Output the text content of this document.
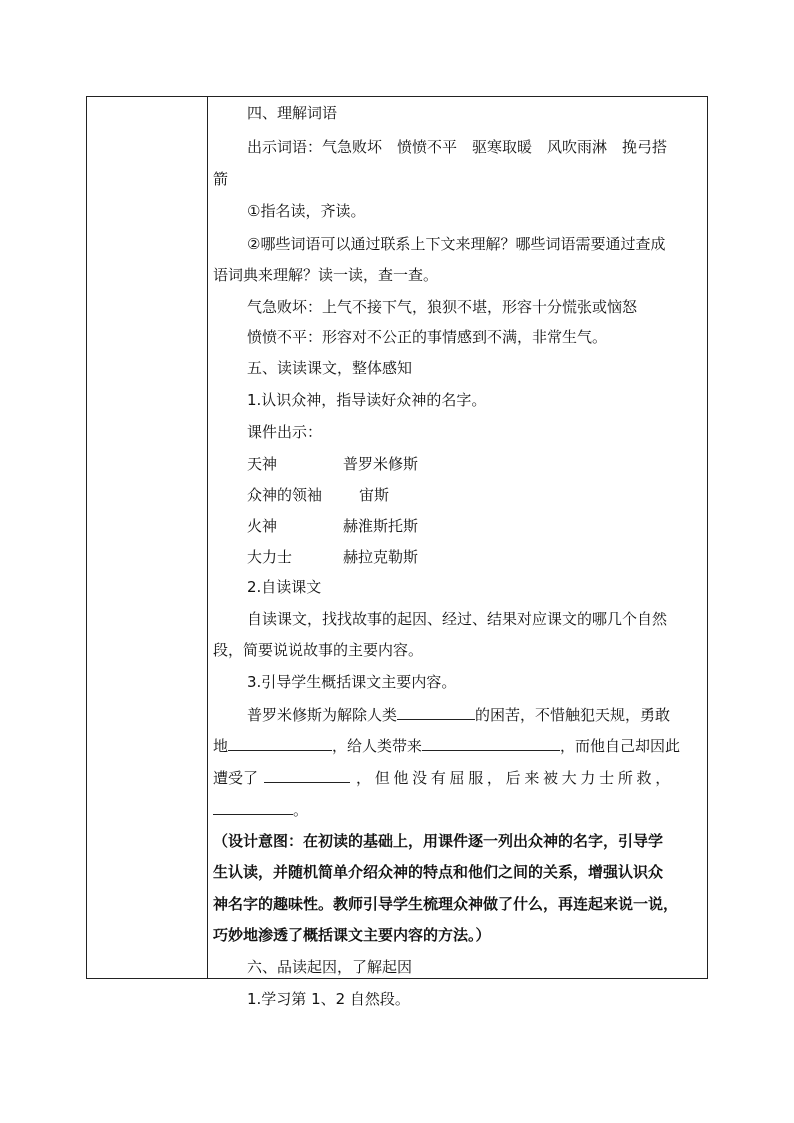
四、理解词语
出示词语：气急败坏　愤愤不平　驱寒取暖　风吹雨淋　挽弓搭
箭
①指名读，齐读。
②哪些词语可以通过联系上下文来理解？哪些词语需要通过查成
语词典来理解？读一读，查一查。
气急败坏：上气不接下气，狼狈不堪，形容十分慌张或恼怒
愤愤不平：形容对不公正的事情感到不满，非常生气。
五、读读课文，整体感知
1.认识众神，指导读好众神的名字。
课件出示：
天神	普罗米修斯
众神的领袖 宙斯
火神	赫淮斯托斯
大力士	赫拉克勒斯
2.自读课文
自读课文，找找故事的起因、经过、结果对应课文的哪几个自然
段，简要说说故事的主要内容。
3.引导学生概括课文主要内容。
普罗米修斯为解除人类	的困苦，不惜触犯天规，勇敢
地	，给人类带来	，而他自己却因此
遭受了	，但他没有屈服，后来被大力士所救，
。
（设计意图：在初读的基础上，用课件逐一列出众神的名字，引导学
生认读，并随机简单介绍众神的特点和他们之间的关系，增强认识众
神名字的趣味性。教师引导学生梳理众神做了什么，再连起来说一说，
巧妙地渗透了概括课文主要内容的方法。）
六、品读起因，了解起因
1.学习第 1、2 自然段。
